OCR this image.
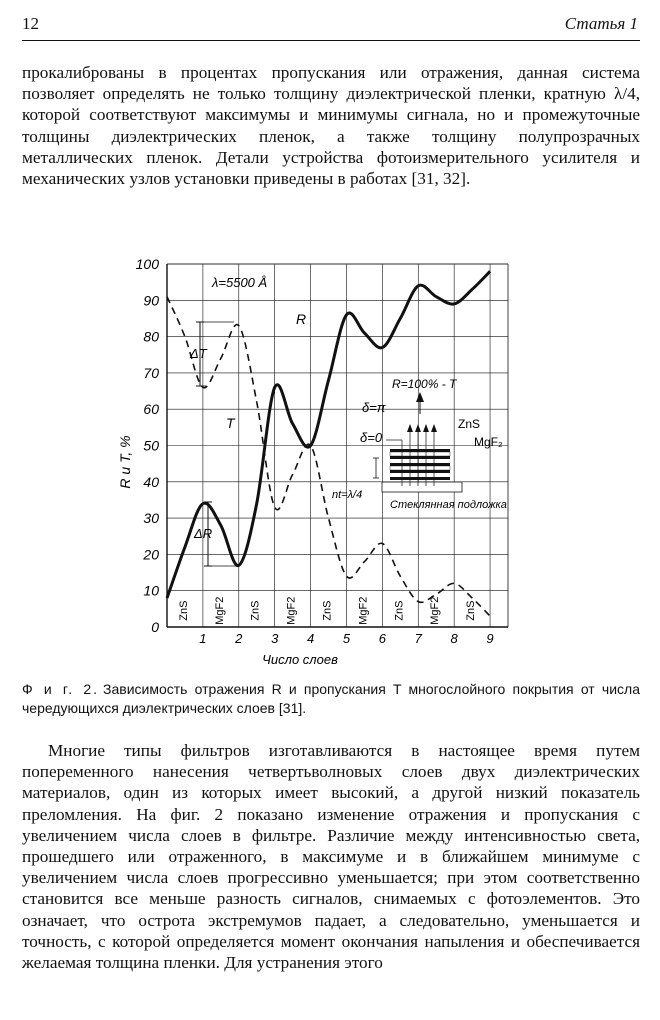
12	Статья 1

прокалиброваны в процентах пропускания или отражения, данная система позволяет определять не только толщину диэлектрической пленки, кратную λ/4, которой соответствуют максимумы и минимумы сигнала, но и промежуточные толщины диэлектрических пленок, а также толщину полупрозрачных металлических пленок. Детали устройства фотоизмерительного усилителя и механических узлов установки приведены в работах [31, 32].

ZnS MgF2 ZnS MgF2 ZnS MgF2 ZnS MgF2 ZnS
0
10
20
30
40
50
60
70
80
90
100
1 2 3 4 5 6 7 8 9
R и T, %
Число слоев
λ=5500 Å
R
T
ΔT
ΔR
R=100% - T
δ=π
δ=0
ZnS
MgF₂
nt=λ/4
Стеклянная подложка

Ф и г. 2. Зависимость отражения R и пропускания T многослойного покрытия от числа чередующихся диэлектрических слоев [31].

Многие типы фильтров изготавливаются в настоящее время путем попеременного нанесения четвертьволновых слоев двух диэлектрических материалов, один из которых имеет высокий, а другой низкий показатель преломления. На фиг. 2 показано изменение отражения и пропускания с увеличением числа слоев в фильтре. Различие между интенсивностью света, прошедшего или отраженного, в максимуме и в ближайшем минимуме с увеличением числа слоев прогрессивно уменьшается; при этом соответственно становится все меньше разность сигналов, снимаемых с фотоэлементов. Это означает, что острота экстремумов падает, а следовательно, уменьшается и точность, с которой определяется момент окончания напыления и обеспечивается желаемая толщина пленки. Для устранения этого
